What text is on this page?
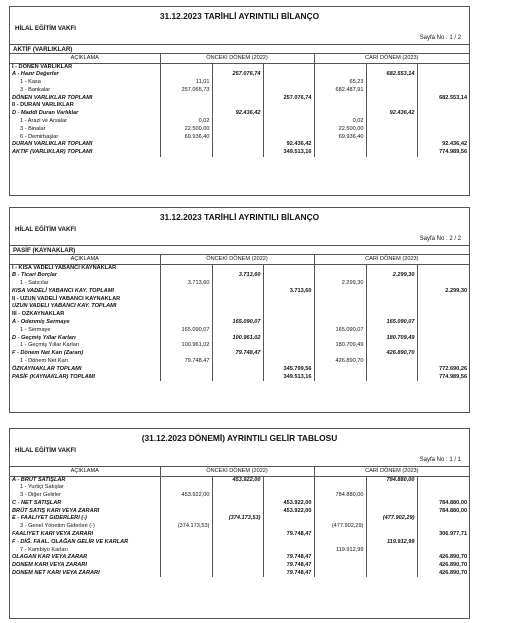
31.12.2023 TARİHLİ AYRINTILI BİLANÇO
HİLAL EĞİTİM VAKFI
Sayfa No : 1 / 2
AKTİF (VARLIKLAR)
AÇIKLAMA	ÖNCEKİ DÖNEM (2022)			CARİ DÖNEM (2023)		
I - DÖNEN VARLIKLAR						
A - Hazır Değerler		257.076,74			682.553,14	
1 - Kasa	11,01			65,23		
3 - Bankalar	257.065,73			682.487,91		
DÖNEN VARLIKLAR TOPLAMI			257.076,74			682.553,14
II - DURAN VARLIKLAR						
D - Maddi Duran Varlıklar		92.436,42			92.436,42	
1 - Arazi ve Arsalar	0,02			0,02		
3 - Binalar	22.500,00			22.500,00		
6 - Demirbaşlar	69.936,40			69.936,40		
DURAN VARLIKLAR TOPLAMI			92.436,42			92.436,42
AKTİF (VARLIKLAR) TOPLAMI			349.513,16			774.989,56
31.12.2023 TARİHLİ AYRINTILI BİLANÇO
HİLAL EĞİTİM VAKFI
Sayfa No : 2 / 2
PASİF (KAYNAKLAR)
AÇIKLAMA	ÖNCEKİ DÖNEM (2022)			CARİ DÖNEM (2023)		
I - KISA VADELİ YABANCI KAYNAKLAR						
B - Ticari Borçlar		3.713,60			2.299,30	
1 - Satıcılar	3.713,60			2.299,30		
KISA VADELİ YABANCI KAY. TOPLAMI			3.713,60			2.299,30
II - UZUN VADELİ YABANCI KAYNAKLAR						
UZUN VADELİ YABANCI KAY. TOPLAMI						
III - ÖZKAYNAKLAR						
A - Ödenmiş Sermaye		165.090,07			165.090,07	
1 - Sermaye	165.090,07			165.090,07		
D - Geçmiş Yıllar Karları		100.961,02			180.709,49	
1 - Geçmiş Yıllar Karları	100.961,02			180.709,49		
F - Dönem Net Karı (Zararı)		79.748,47			426.890,70	
1 - Dönem Net Karı	79.748,47			426.890,70		
ÖZKAYNAKLAR TOPLAMI			345.799,56			772.690,26
PASİF (KAYNAKLAR) TOPLAMI			349.513,16			774.989,56
(31.12.2023 DÖNEMİ) AYRINTILI GELİR TABLOSU
HİLAL EĞİTİM VAKFI
Sayfa No : 1 / 1
AÇIKLAMA	ÖNCEKİ DÖNEM (2022)			CARİ DÖNEM (2023)		
A - BRÜT SATIŞLAR		453.922,00			784.880,00	
1 - Yurtiçi Satışlar						
3 - Diğer Gelirler	453.922,00			784.880,00		
C - NET SATIŞLAR			453.922,00			784.880,00
BRÜT SATIŞ KARI VEYA ZARARI			453.922,00			784.880,00
E - FAALİYET GİDERLERİ (-)		(374.173,53)			(477.902,29)	
3 - Genel Yönetim Giderleri (-)	(374.173,53)			(477.902,29)		
FAALİYET KARI VEYA ZARARI			79.748,47			306.977,71
F - DİĞ. FAAL. OLAĞAN GELİR VE KARLAR					119.912,99	
7 - Kambiyo Karları				119.912,99		
OLAĞAN KAR VEYA ZARAR			79.748,47			426.890,70
DÖNEM KARI VEYA ZARARI			79.748,47			426.890,70
DÖNEM NET KARI VEYA ZARARI			79.748,47			426.890,70
